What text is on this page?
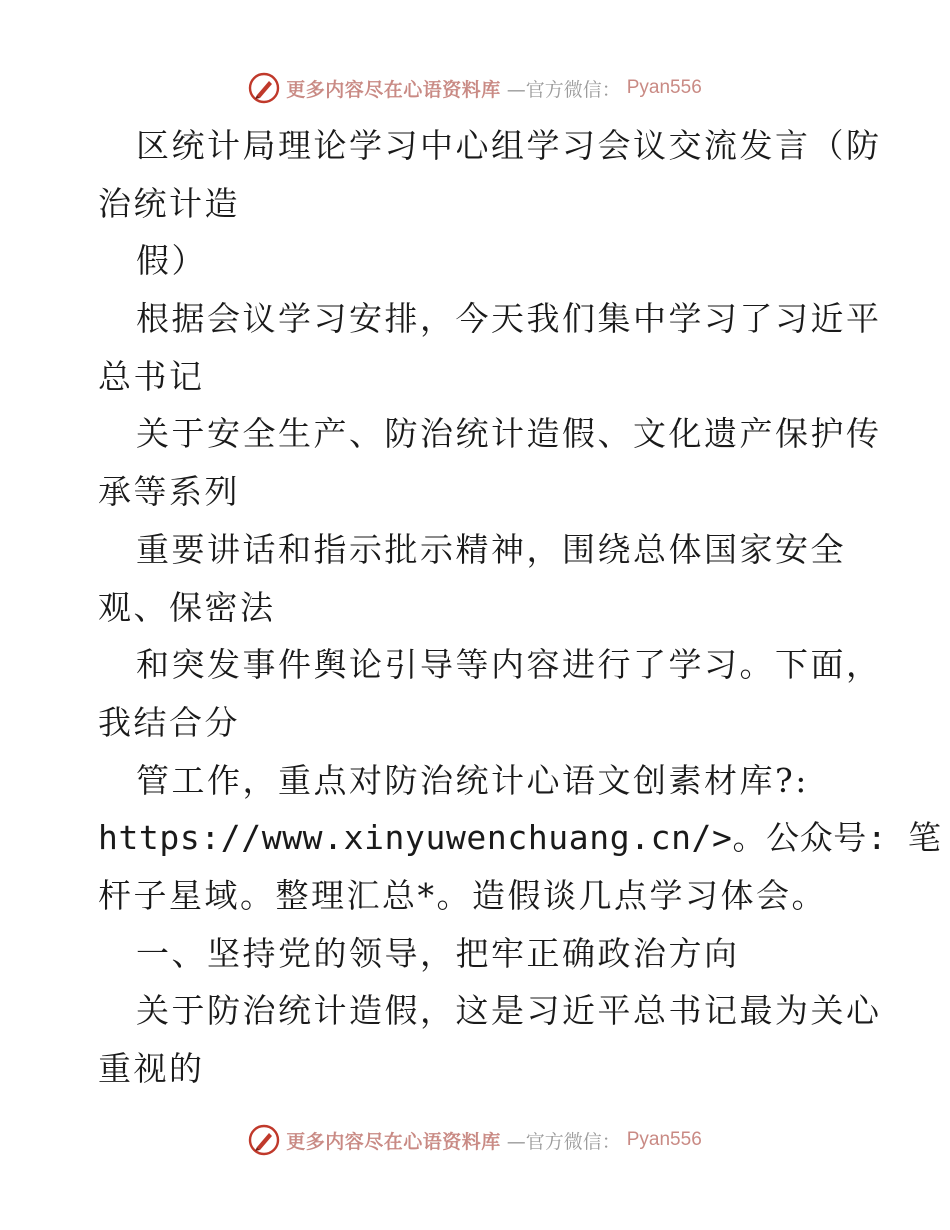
更多内容尽在心语资料库 —官方微信： Pyan556
区统计局理论学习中心组学习会议交流发言（防
治统计造
假）
根据会议学习安排，今天我们集中学习了习近平
总书记
关于安全生产、防治统计造假、文化遗产保护传
承等系列
重要讲话和指示批示精神，围绕总体国家安全
观、保密法
和突发事件舆论引导等内容进行了学习。下面，
我结合分
管工作，重点对防治统计心语文创素材库?:
https://www.xinyuwenchuang.cn/>。公众号: 笔
杆子星域。整理汇总*。造假谈几点学习体会。
一、坚持党的领导，把牢正确政治方向
关于防治统计造假，这是习近平总书记最为关心
重视的
更多内容尽在心语资料库 —官方微信： Pyan556
